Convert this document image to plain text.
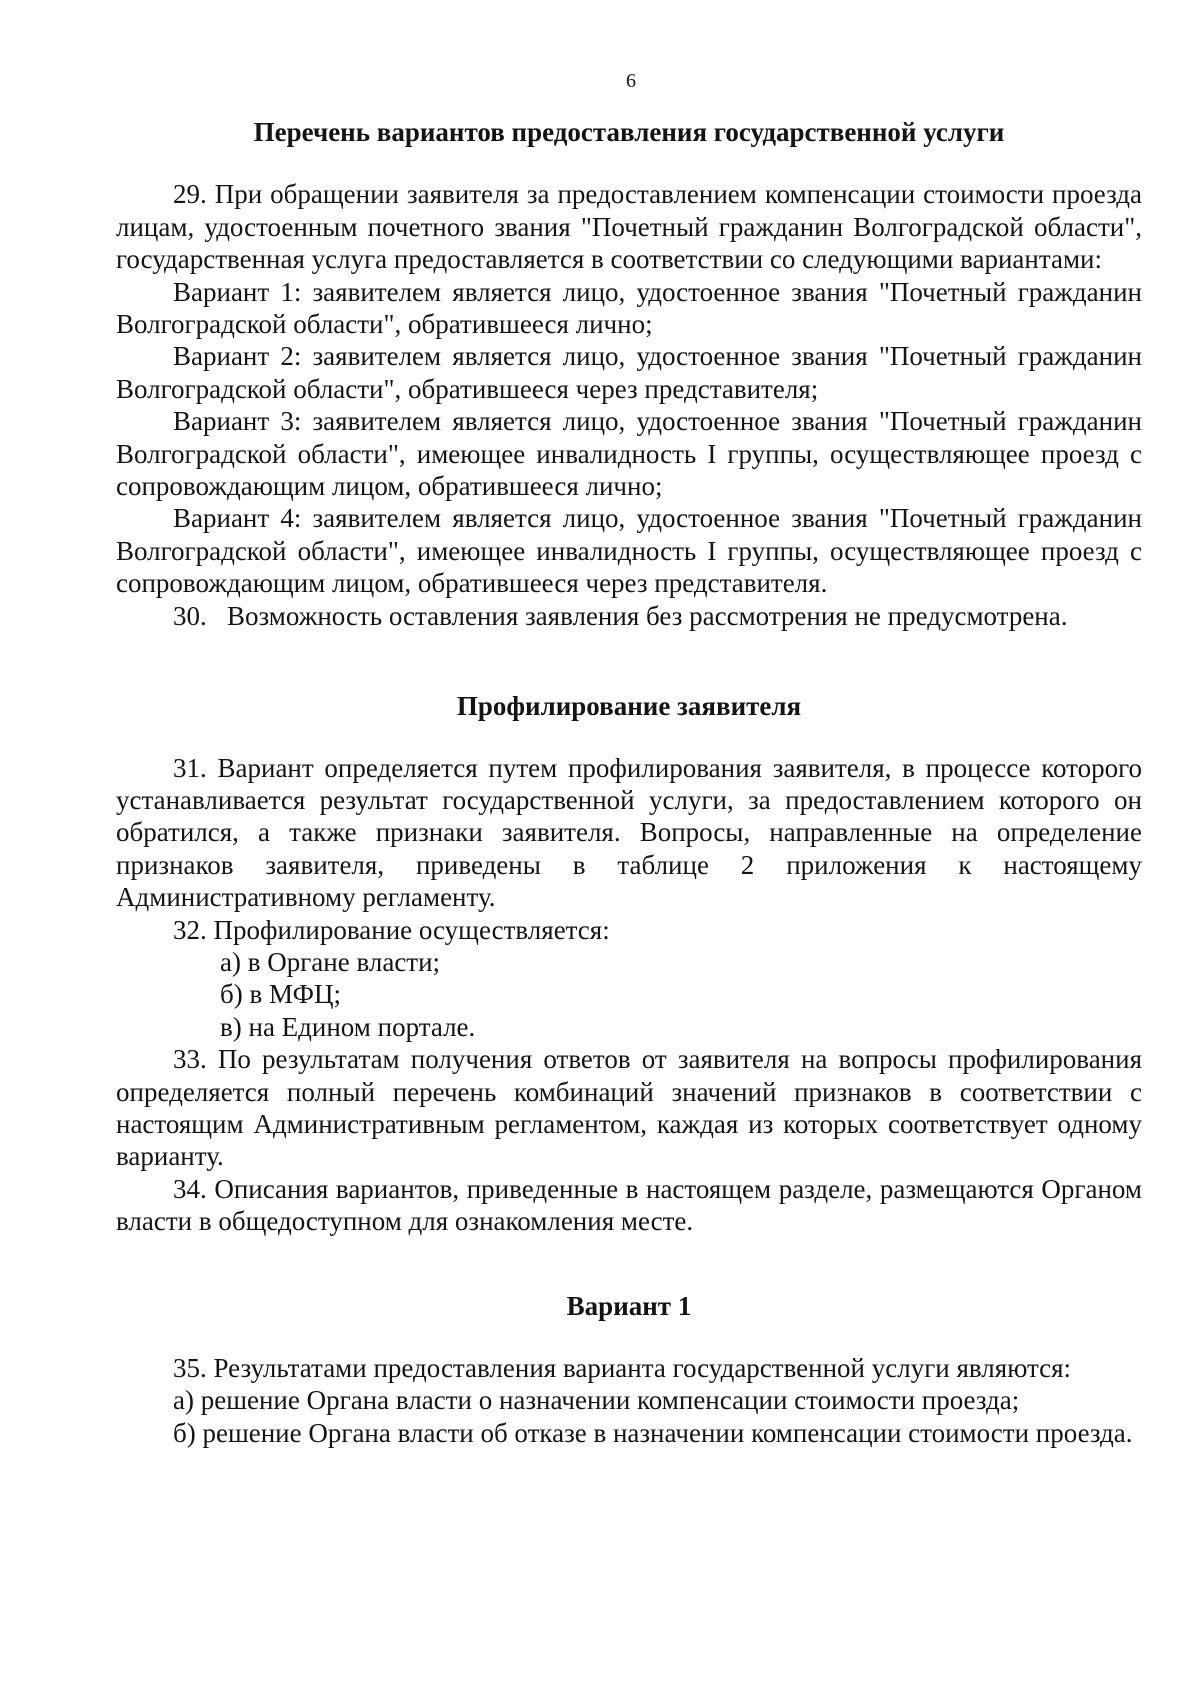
6
Перечень вариантов предоставления государственной услуги

29. При обращении заявителя за предоставлением компенсации стоимости проезда лицам, удостоенным почетного звания "Почетный гражданин Волгоградской области", государственная услуга предоставляется в соответствии со следующими вариантами:

Вариант 1: заявителем является лицо, удостоенное звания "Почетный гражданин Волгоградской области", обратившееся лично;

Вариант 2: заявителем является лицо, удостоенное звания "Почетный гражданин Волгоградской области", обратившееся через представителя;

Вариант 3: заявителем является лицо, удостоенное звания "Почетный гражданин Волгоградской области", имеющее инвалидность I группы, осуществляющее проезд с сопровождающим лицом, обратившееся лично;

Вариант 4: заявителем является лицо, удостоенное звания "Почетный гражданин Волгоградской области", имеющее инвалидность I группы, осуществляющее проезд с сопровождающим лицом, обратившееся через представителя.

30.   Возможность оставления заявления без рассмотрения не предусмотрена.

Профилирование заявителя

31. Вариант определяется путем профилирования заявителя, в процессе которого устанавливается результат государственной услуги, за предоставлением которого он обратился, а также признаки заявителя. Вопросы, направленные на определение признаков заявителя, приведены в таблице 2 приложения к настоящему Административному регламенту.

32. Профилирование осуществляется:

а) в Органе власти;

б) в МФЦ;

в) на Едином портале.

33. По результатам получения ответов от заявителя на вопросы профилирования определяется полный перечень комбинаций значений признаков в соответствии с настоящим Административным регламентом, каждая из которых соответствует одному варианту.

34. Описания вариантов, приведенные в настоящем разделе, размещаются Органом власти в общедоступном для ознакомления месте.

Вариант 1

35. Результатами предоставления варианта государственной услуги являются:

а) решение Органа власти о назначении компенсации стоимости проезда;

б) решение Органа власти об отказе в назначении компенсации стоимости проезда.
